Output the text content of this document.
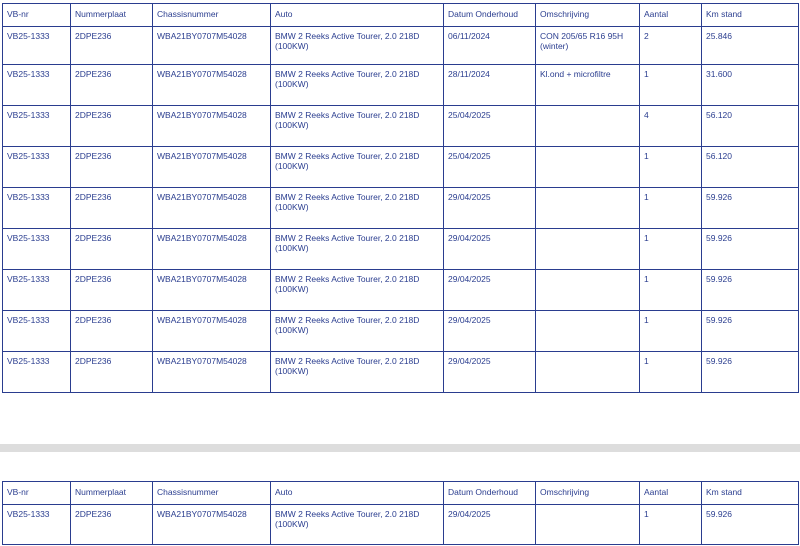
VB-nr	Nummerplaat	Chassisnummer	Auto	Datum Onderhoud	Omschrijving	Aantal	Km stand
VB25-1333	2DPE236	WBA21BY0707M54028	BMW 2 Reeks Active Tourer, 2.0 218D (100KW)	06/11/2024	CON 205/65 R16 95H (winter)	2	25.846
VB25-1333	2DPE236	WBA21BY0707M54028	BMW 2 Reeks Active Tourer, 2.0 218D (100KW)	28/11/2024	Kl.ond + microfiltre	1	31.600
VB25-1333	2DPE236	WBA21BY0707M54028	BMW 2 Reeks Active Tourer, 2.0 218D (100KW)	25/04/2025		4	56.120
VB25-1333	2DPE236	WBA21BY0707M54028	BMW 2 Reeks Active Tourer, 2.0 218D (100KW)	25/04/2025		1	56.120
VB25-1333	2DPE236	WBA21BY0707M54028	BMW 2 Reeks Active Tourer, 2.0 218D (100KW)	29/04/2025		1	59.926
VB25-1333	2DPE236	WBA21BY0707M54028	BMW 2 Reeks Active Tourer, 2.0 218D (100KW)	29/04/2025		1	59.926
VB25-1333	2DPE236	WBA21BY0707M54028	BMW 2 Reeks Active Tourer, 2.0 218D (100KW)	29/04/2025		1	59.926
VB25-1333	2DPE236	WBA21BY0707M54028	BMW 2 Reeks Active Tourer, 2.0 218D (100KW)	29/04/2025		1	59.926
VB25-1333	2DPE236	WBA21BY0707M54028	BMW 2 Reeks Active Tourer, 2.0 218D (100KW)	29/04/2025		1	59.926
VB-nr	Nummerplaat	Chassisnummer	Auto	Datum Onderhoud	Omschrijving	Aantal	Km stand
VB25-1333	2DPE236	WBA21BY0707M54028	BMW 2 Reeks Active Tourer, 2.0 218D (100KW)	29/04/2025		1	59.926
